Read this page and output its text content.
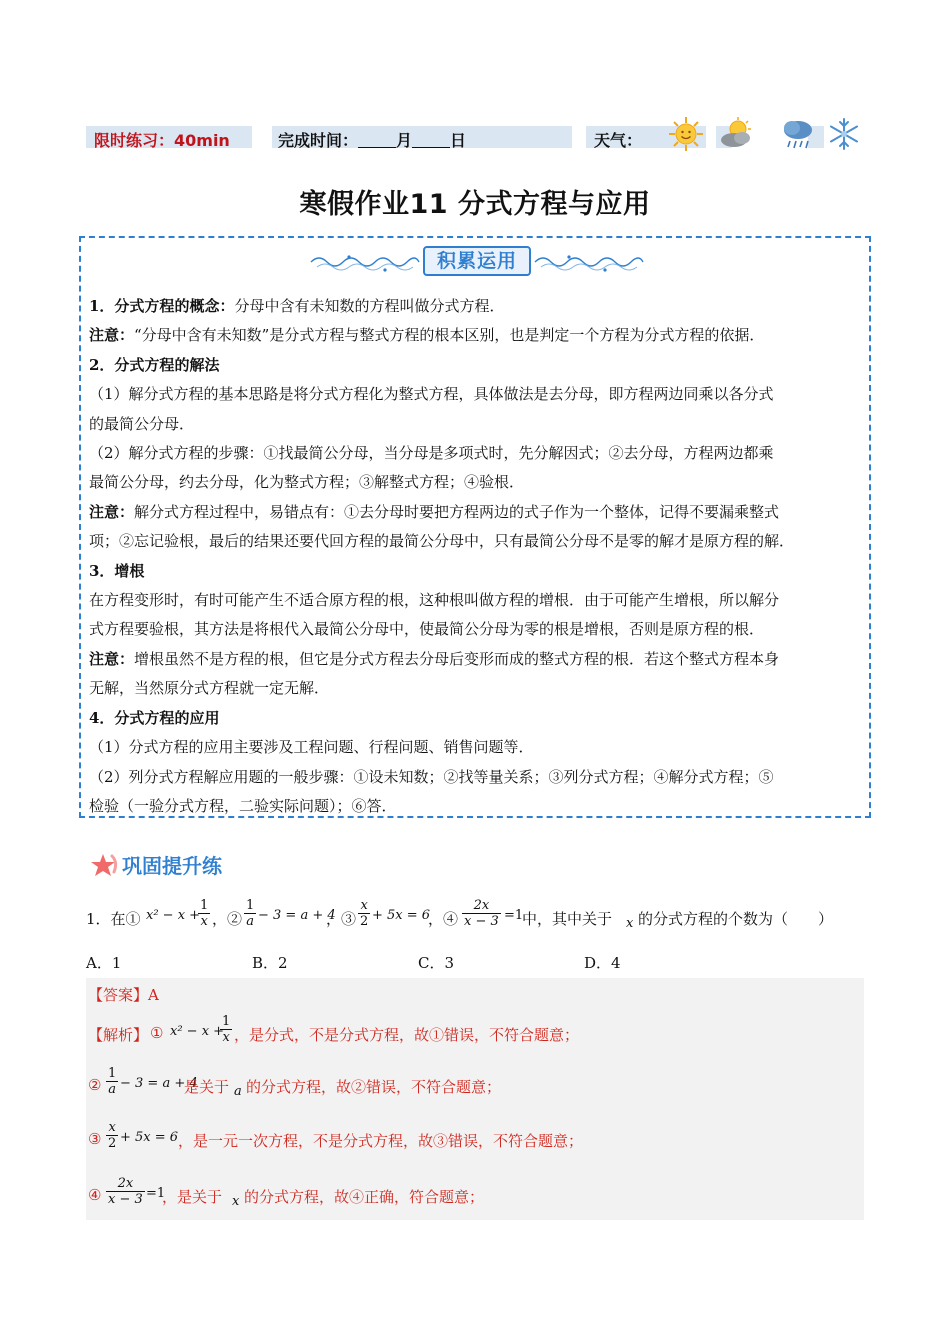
限时练习：40min	完成时间： 月 日	天气：
寒假作业11 分式方程与应用
积累运用
1．分式方程的概念：分母中含有未知数的方程叫做分式方程．
注意：“分母中含有未知数”是分式方程与整式方程的根本区别，也是判定一个方程为分式方程的依据．
2．分式方程的解法
（1）解分式方程的基本思路是将分式方程化为整式方程，具体做法是去分母，即方程两边同乘以各分式
的最简公分母．
（2）解分式方程的步骤：①找最简公分母，当分母是多项式时，先分解因式；②去分母，方程两边都乘
最简公分母，约去分母，化为整式方程；③解整式方程；④验根．
注意：解分式方程过程中，易错点有：①去分母时要把方程两边的式子作为一个整体，记得不要漏乘整式
项；②忘记验根，最后的结果还要代回方程的最简公分母中，只有最简公分母不是零的解才是原方程的解．
3．增根
在方程变形时，有时可能产生不适合原方程的根，这种根叫做方程的增根．由于可能产生增根，所以解分
式方程要验根，其方法是将根代入最简公分母中，使最简公分母为零的根是增根，否则是原方程的根．
注意：增根虽然不是方程的根，但它是分式方程去分母后变形而成的整式方程的根．若这个整式方程本身
无解，当然原分式方程就一定无解．
4．分式方程的应用
（1）分式方程的应用主要涉及工程问题、行程问题、销售问题等．
（2）列分式方程解应用题的一般步骤：①设未知数；②找等量关系；③列分式方程；④解分式方程；⑤
检验（一验分式方程，二验实际问题）；⑥答．
巩固提升练
1．在① x² − x +
$\frac{1}{x}$ ，② $\frac{1}{a} - 3 = a + 4$
，③ $\frac{x}{2} + 5x = 6$
，④ $\frac{2x}{x - 3} =1$
中，其中关于 x 的分式方程的个数为（　　）
A．1	B．2	C．3	D．4
【答案】A
【解析】 ① x² − x +
$\frac{1}{x}$ ，是分式，不是分式方程，故①错误，不符合题意；
② $\frac{1}{a} - 3 = a + 4$
是关于 a 的分式方程，故②错误，不符合题意；
③ $\frac{x}{2} + 5x = 6$ ，是一元一次方程，不是分式方程，故③错误，不符合题意；
④ $\frac{2x}{x - 3} =1$
，是关于 x 的分式方程，故④正确，符合题意；
